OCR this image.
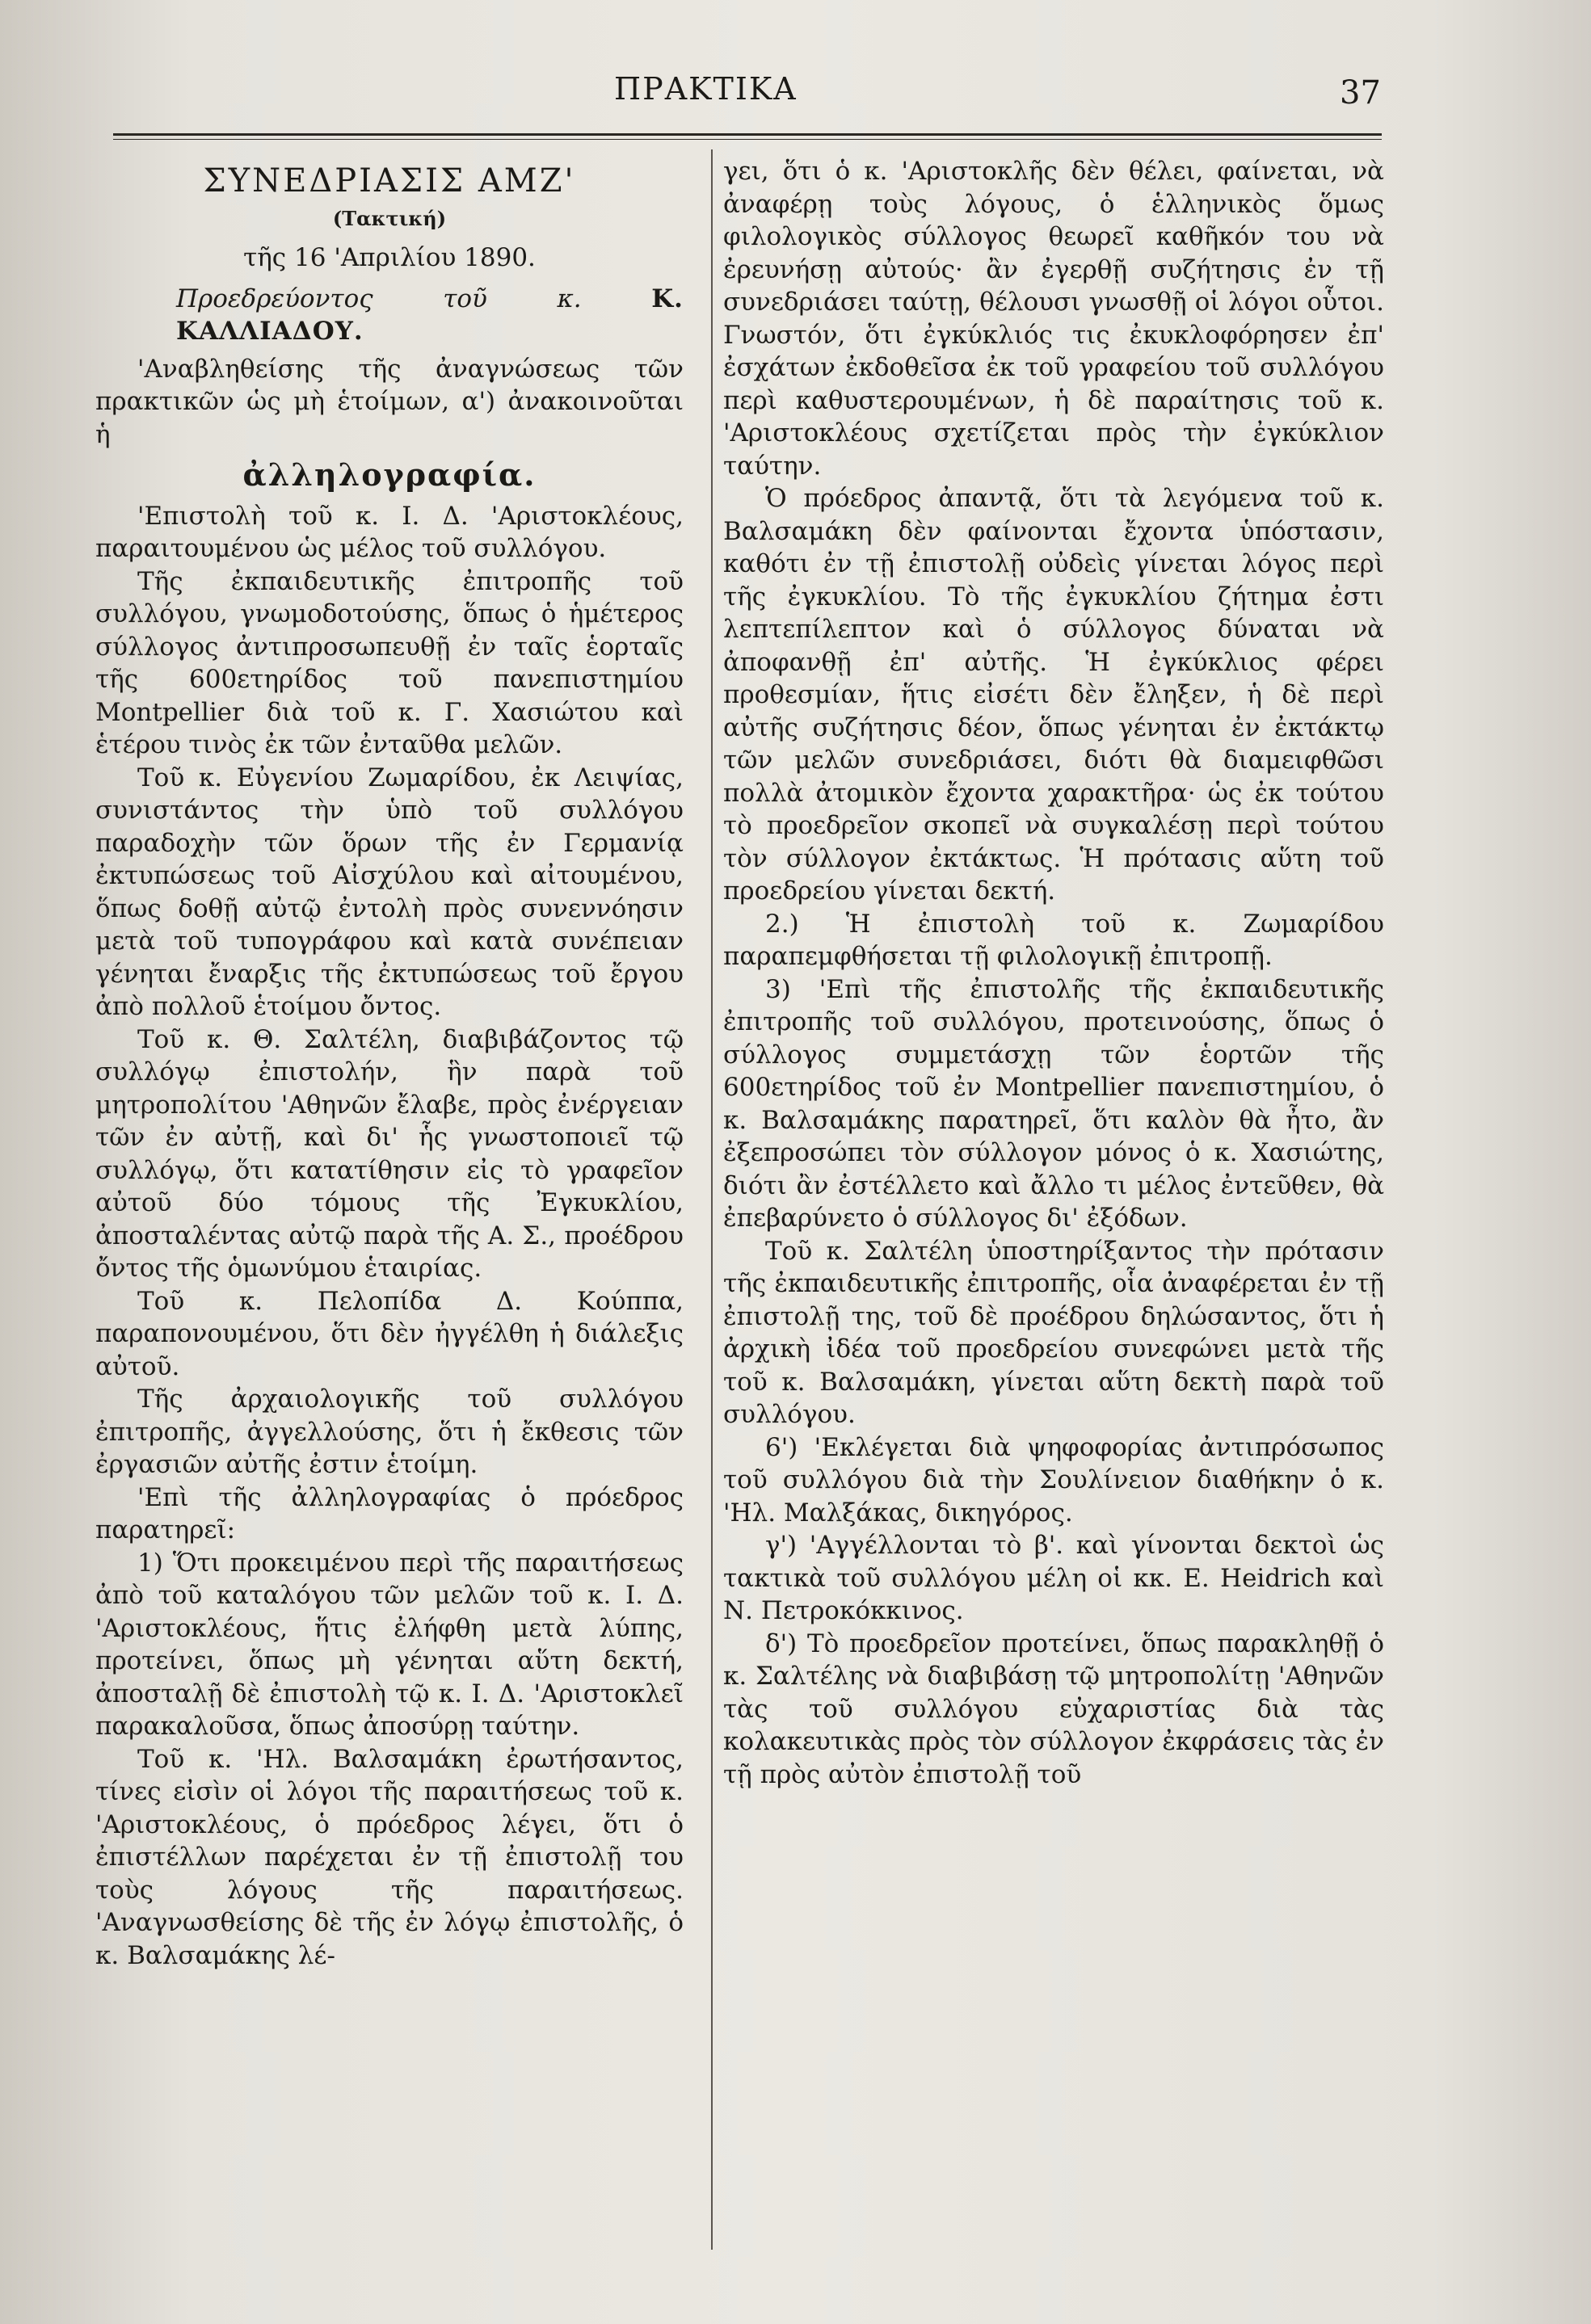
ΠΡΑΚΤΙΚΑ	37

ΣΥΝΕΔΡΙΑΣΙΣ ΑΜΖ'

(Τακτική)

τῆς 16 'Απριλίου 1890.

Προεδρεύοντος τοῦ κ.	Κ. ΚΑΛΛΙΑΔΟΥ.

'Αναβληθείσης τῆς ἀναγνώσεως τῶν πρακτικῶν ὡς μὴ ἑτοίμων, α') ἀνακοινοῦται ἡ

ἀλληλογραφία.

'Επιστολὴ τοῦ κ. Ι. Δ. 'Αριστοκλέους, παραιτουμένου ὡς μέλος τοῦ συλλόγου.

Τῆς ἐκπαιδευτικῆς ἐπιτροπῆς τοῦ συλλόγου, γνωμοδοτούσης, ὅπως ὁ ἡμέτερος σύλλογος ἀντιπροσωπευθῇ ἐν ταῖς ἑορταῖς τῆς 600ετηρίδος τοῦ πανεπιστημίου Montpellier διὰ τοῦ κ. Γ. Χασιώτου καὶ ἑτέρου τινὸς ἐκ τῶν ἐνταῦθα μελῶν.

Τοῦ κ. Εὐγενίου Ζωμαρίδου, ἐκ Λειψίας, συνιστάντος τὴν ὑπὸ τοῦ συλλόγου παραδοχὴν τῶν ὅρων τῆς ἐν Γερμανίᾳ ἐκτυπώσεως τοῦ Αἰσχύλου καὶ αἰτουμένου, ὅπως δοθῇ αὐτῷ ἐντολὴ πρὸς συνεννόησιν μετὰ τοῦ τυπογράφου καὶ κατὰ συνέπειαν γένηται ἔναρξις τῆς ἐκτυπώσεως τοῦ ἔργου ἀπὸ πολλοῦ ἑτοίμου ὄντος.

Τοῦ κ. Θ. Σαλτέλη, διαβιβάζοντος τῷ συλλόγῳ ἐπιστολήν, ἣν παρὰ τοῦ μητροπολίτου 'Αθηνῶν ἔλαβε, πρὸς ἐνέργειαν τῶν ἐν αὐτῇ, καὶ δι' ἧς γνωστοποιεῖ τῷ συλλόγῳ, ὅτι κατατίθησιν εἰς τὸ γραφεῖον αὐτοῦ δύο τόμους τῆς Ἐγκυκλίου, ἀποσταλέντας αὐτῷ παρὰ τῆς Α. Σ., προέδρου ὄντος τῆς ὁμωνύμου ἑταιρίας.

Τοῦ κ. Πελοπίδα Δ. Κούππα, παραπονουμένου, ὅτι δὲν ἠγγέλθη ἡ διάλεξις αὐτοῦ.

Τῆς ἀρχαιολογικῆς τοῦ συλλόγου ἐπιτροπῆς, ἀγγελλούσης, ὅτι ἡ ἔκθεσις τῶν ἐργασιῶν αὐτῆς ἐστιν ἑτοίμη.

'Επὶ τῆς ἀλληλογραφίας ὁ πρόεδρος παρατηρεῖ:

1) Ὅτι προκειμένου περὶ τῆς παραιτήσεως ἀπὸ τοῦ καταλόγου τῶν μελῶν τοῦ κ. Ι. Δ. 'Αριστοκλέους, ἥτις ἐλήφθη μετὰ λύπης, προτείνει, ὅπως μὴ γένηται αὕτη δεκτή, ἀποσταλῇ δὲ ἐπιστολὴ τῷ κ. Ι. Δ. 'Αριστοκλεῖ παρακαλοῦσα, ὅπως ἀποσύρῃ ταύτην.

Τοῦ κ. 'Ηλ. Βαλσαμάκη ἐρωτήσαντος, τίνες εἰσὶν οἱ λόγοι τῆς παραιτήσεως τοῦ κ. 'Αριστοκλέους, ὁ πρόεδρος λέγει, ὅτι ὁ ἐπιστέλλων παρέχεται ἐν τῇ ἐπιστολῇ του τοὺς λόγους τῆς παραιτήσεως. 'Αναγνωσθείσης δὲ τῆς ἐν λόγῳ ἐπιστολῆς, ὁ κ. Βαλσαμάκης λέ-

γει, ὅτι ὁ κ. 'Αριστοκλῆς δὲν θέλει, φαίνεται, νὰ ἀναφέρῃ τοὺς λόγους, ὁ ἑλληνικὸς ὅμως φιλολογικὸς σύλλογος θεωρεῖ καθῆκόν του νὰ ἐρευνήσῃ αὐτούς· ἂν ἐγερθῇ συζήτησις ἐν τῇ συνεδριάσει ταύτῃ, θέλουσι γνωσθῇ οἱ λόγοι οὗτοι. Γνωστόν, ὅτι ἐγκύκλιός τις ἐκυκλοφόρησεν ἐπ' ἐσχάτων ἐκδοθεῖσα ἐκ τοῦ γραφείου τοῦ συλλόγου περὶ καθυστερουμένων, ἡ δὲ παραίτησις τοῦ κ. 'Αριστοκλέους σχετίζεται πρὸς τὴν ἐγκύκλιον ταύτην.

Ὁ πρόεδρος ἀπαντᾷ, ὅτι τὰ λεγόμενα τοῦ κ. Βαλσαμάκη δὲν φαίνονται ἔχοντα ὑπόστασιν, καθότι ἐν τῇ ἐπιστολῇ οὐδεὶς γίνεται λόγος περὶ τῆς ἐγκυκλίου. Τὸ τῆς ἐγκυκλίου ζήτημα ἐστι λεπτεπίλεπτον καὶ ὁ σύλλογος δύναται νὰ ἀποφανθῇ ἐπ' αὐτῆς. Ἡ ἐγκύκλιος φέρει προθεσμίαν, ἥτις εἰσέτι δὲν ἔληξεν, ἡ δὲ περὶ αὐτῆς συζήτησις δέον, ὅπως γένηται ἐν ἐκτάκτῳ τῶν μελῶν συνεδριάσει, διότι θὰ διαμειφθῶσι πολλὰ ἀτομικὸν ἔχοντα χαρακτῆρα· ὡς ἐκ τούτου τὸ προεδρεῖον σκοπεῖ νὰ συγκαλέσῃ περὶ τούτου τὸν σύλλογον ἐκτάκτως. Ἡ πρότασις αὕτη τοῦ προεδρείου γίνεται δεκτή.

2.) Ἡ ἐπιστολὴ τοῦ κ. Ζωμαρίδου παραπεμφθήσεται τῇ φιλολογικῇ ἐπιτροπῇ.

3) 'Επὶ τῆς ἐπιστολῆς τῆς ἐκπαιδευτικῆς ἐπιτροπῆς τοῦ συλλόγου, προτεινούσης, ὅπως ὁ σύλλογος συμμετάσχῃ τῶν ἑορτῶν τῆς 600ετηρίδος τοῦ ἐν Montpellier πανεπιστημίου, ὁ κ. Βαλσαμάκης παρατηρεῖ, ὅτι καλὸν θὰ ἦτο, ἂν ἐξεπροσώπει τὸν σύλλογον μόνος ὁ κ. Χασιώτης, διότι ἂν ἐστέλλετο καὶ ἄλλο τι μέλος ἐντεῦθεν, θὰ ἐπεβαρύνετο ὁ σύλλογος δι' ἐξόδων.

Τοῦ κ. Σαλτέλη ὑποστηρίξαντος τὴν πρότασιν τῆς ἐκπαιδευτικῆς ἐπιτροπῆς, οἷα ἀναφέρεται ἐν τῇ ἐπιστολῇ της, τοῦ δὲ προέδρου δηλώσαντος, ὅτι ἡ ἀρχικὴ ἰδέα τοῦ προεδρείου συνεφώνει μετὰ τῆς τοῦ κ. Βαλσαμάκη, γίνεται αὕτη δεκτὴ παρὰ τοῦ συλλόγου.

6') 'Εκλέγεται διὰ ψηφοφορίας ἀντιπρόσωπος τοῦ συλλόγου διὰ τὴν Σουλίνειον διαθήκην ὁ κ. 'Ηλ. Μαλξάκας, δικηγόρος.

γ') 'Αγγέλλονται τὸ β'. καὶ γίνονται δεκτοὶ ὡς τακτικὰ τοῦ συλλόγου μέλη οἱ κκ. Ε. Heidrich καὶ Ν. Πετροκόκκινος.

δ') Τὸ προεδρεῖον προτείνει, ὅπως παρακληθῇ ὁ κ. Σαλτέλης νὰ διαβιβάσῃ τῷ μητροπολίτῃ 'Αθηνῶν τὰς τοῦ συλλόγου εὐχαριστίας διὰ τὰς κολακευτικὰς πρὸς τὸν σύλλογον ἐκφράσεις τὰς ἐν τῇ πρὸς αὐτὸν ἐπιστολῇ τοῦ
